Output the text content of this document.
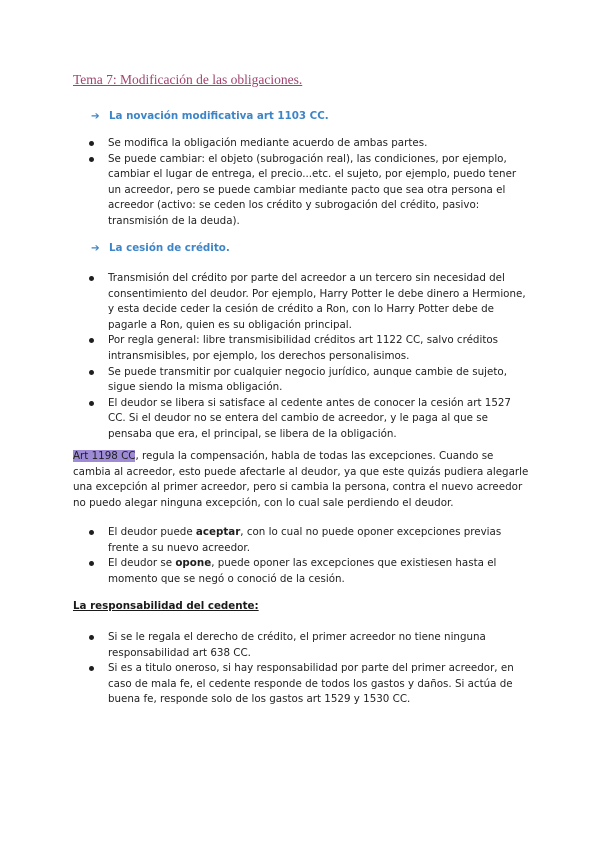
Tema 7: Modificación de las obligaciones.
➔ La novación modificativa art 1103 CC.
Se modifica la obligación mediante acuerdo de ambas partes.
Se puede cambiar: el objeto (subrogación real), las condiciones, por ejemplo, cambiar el lugar de entrega, el precio...etc. el sujeto, por ejemplo, puedo tener un acreedor, pero se puede cambiar mediante pacto que sea otra persona el acreedor (activo: se ceden los crédito y subrogación del crédito, pasivo: transmisión de la deuda).
➔ La cesión de crédito.
Transmisión del crédito por parte del acreedor a un tercero sin necesidad del consentimiento del deudor. Por ejemplo, Harry Potter le debe dinero a Hermione, y esta decide ceder la cesión de crédito a Ron, con lo Harry Potter debe de pagarle a Ron, quien es su obligación principal.
Por regla general: libre transmisibilidad créditos art 1122 CC, salvo créditos intransmisibles, por ejemplo, los derechos personalisimos.
Se puede transmitir por cualquier negocio jurídico, aunque cambie de sujeto, sigue siendo la misma obligación.
El deudor se libera si satisface al cedente antes de conocer la cesión art 1527 CC. Si el deudor no se entera del cambio de acreedor, y le paga al que se pensaba que era, el principal, se libera de la obligación.

Art 1198 CC, regula la compensación, habla de todas las excepciones. Cuando se cambia al acreedor, esto puede afectarle al deudor, ya que este quizás pudiera alegarle una excepción al primer acreedor, pero si cambia la persona, contra el nuevo acreedor no puedo alegar ninguna excepción, con lo cual sale perdiendo el deudor.

El deudor puede aceptar, con lo cual no puede oponer excepciones previas frente a su nuevo acreedor.
El deudor se opone, puede oponer las excepciones que existiesen hasta el momento que se negó o conoció de la cesión.
La responsabilidad del cedente:
Si se le regala el derecho de crédito, el primer acreedor no tiene ninguna responsabilidad art 638 CC.
Si es a titulo oneroso, si hay responsabilidad por parte del primer acreedor, en caso de mala fe, el cedente responde de todos los gastos y daños. Si actúa de buena fe, responde solo de los gastos art 1529 y 1530 CC.
